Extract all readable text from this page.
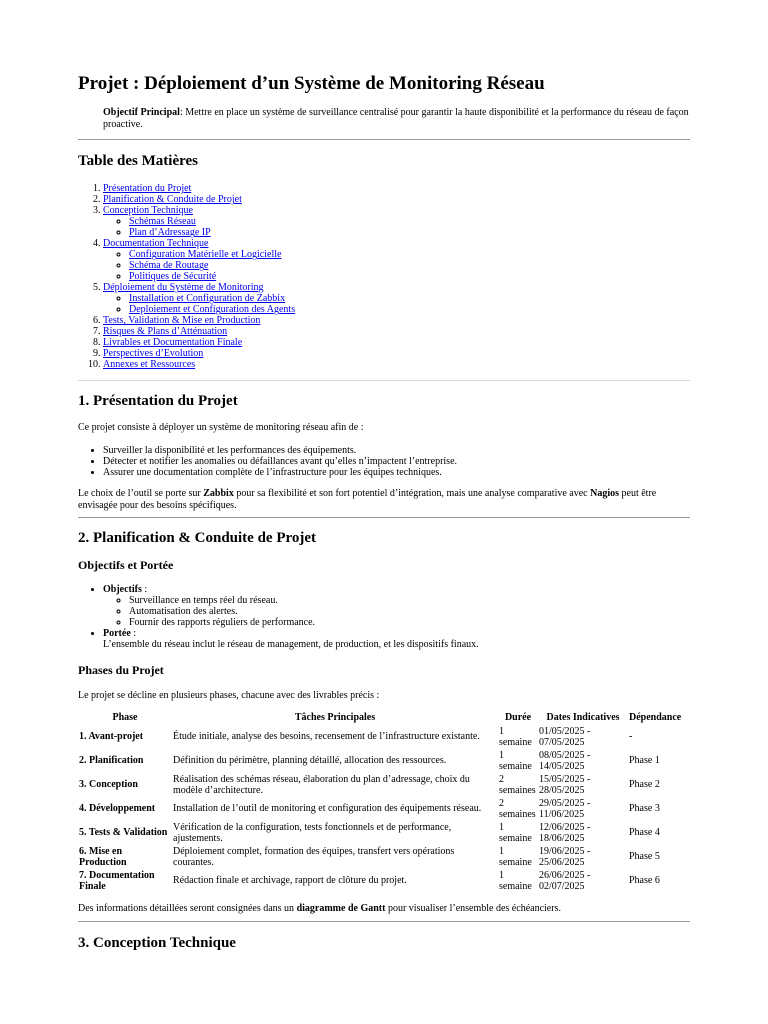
Projet : Déploiement d’un Système de Monitoring Réseau

Objectif Principal: Mettre en place un système de surveillance centralisé pour garantir la haute disponibilité et la performance du réseau de façon proactive.

Table des Matières
1. Présentation du Projet
2. Planification & Conduite de Projet
3. Conception Technique
◦ Schémas Réseau
◦ Plan d’Adressage IP
4. Documentation Technique
◦ Configuration Matérielle et Logicielle
◦ Schéma de Routage
◦ Politiques de Sécurité
5. Déploiement du Système de Monitoring
◦ Installation et Configuration de Zabbix
◦ Deploiement et Configuration des Agents
6. Tests, Validation & Mise en Production
7. Risques & Plans d’Atténuation
8. Livrables et Documentation Finale
9. Perspectives d’Evolution
10. Annexes et Ressources
1. Présentation du Projet

Ce projet consiste à déployer un système de monitoring réseau afin de :

• Surveiller la disponibilité et les performances des équipements.
• Détecter et notifier les anomalies ou défaillances avant qu’elles n’impactent l’entreprise.
• Assurer une documentation complète de l’infrastructure pour les équipes techniques.

Le choix de l’outil se porte sur Zabbix pour sa flexibilité et son fort potentiel d’intégration, mais une analyse comparative avec Nagios peut être envisagée pour des besoins spécifiques.

2. Planification & Conduite de Projet
Objectifs et Portée
• Objectifs :
◦ Surveillance en temps réel du réseau.
◦ Automatisation des alertes.
◦ Fournir des rapports réguliers de performance.
• Portée :
L’ensemble du réseau inclut le réseau de management, de production, et les dispositifs finaux.
Phases du Projet

Le projet se décline en plusieurs phases, chacune avec des livrables précis :

Phase	Tâches Principales	Durée	Dates Indicatives	Dépendance
1. Avant-projet	Étude initiale, analyse des besoins, recensement de l’infrastructure existante.	1 semaine	01/05/2025 - 07/05/2025	-
2. Planification	Définition du périmètre, planning détaillé, allocation des ressources.	1 semaine	08/05/2025 - 14/05/2025	Phase 1
3. Conception	Réalisation des schémas réseau, élaboration du plan d’adressage, choix du modèle d’architecture.	2 semaines	15/05/2025 - 28/05/2025	Phase 2
4. Développement	Installation de l’outil de monitoring et configuration des équipements réseau.	2 semaines	29/05/2025 - 11/06/2025	Phase 3
5. Tests & Validation	Vérification de la configuration, tests fonctionnels et de performance, ajustements.	1 semaine	12/06/2025 - 18/06/2025	Phase 4
6. Mise en Production	Déploiement complet, formation des équipes, transfert vers opérations courantes.	1 semaine	19/06/2025 - 25/06/2025	Phase 5
7. Documentation Finale	Rédaction finale et archivage, rapport de clôture du projet.	1 semaine	26/06/2025 - 02/07/2025	Phase 6

Des informations détaillées seront consignées dans un diagramme de Gantt pour visualiser l’ensemble des échéanciers.

3. Conception Technique
